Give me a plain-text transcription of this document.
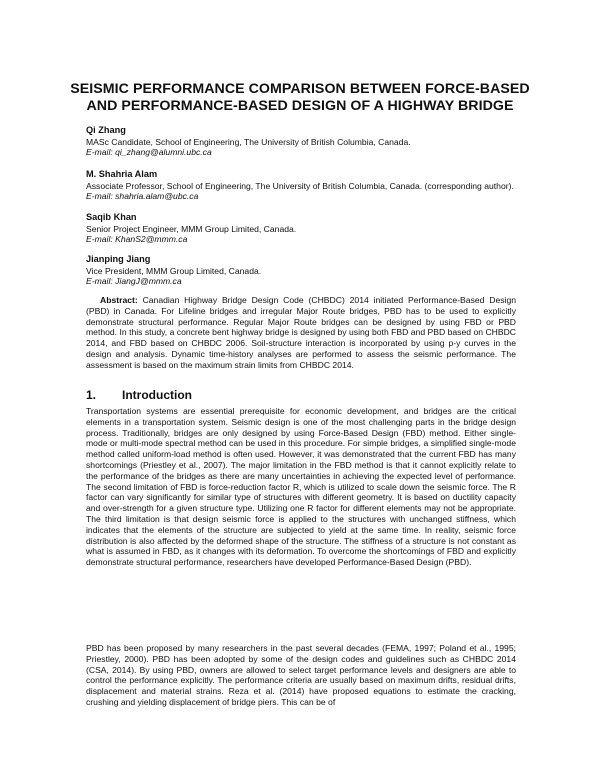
SEISMIC PERFORMANCE COMPARISON BETWEEN FORCE-BASED
AND PERFORMANCE-BASED DESIGN OF A HIGHWAY BRIDGE
Qi Zhang
MASc Candidate, School of Engineering, The University of British Columbia, Canada.
E-mail: qi_zhang@alumni.ubc.ca
M. Shahria Alam
Associate Professor, School of Engineering, The University of British Columbia, Canada. (corresponding author).
E-mail: shahria.alam@ubc.ca
Saqib Khan
Senior Project Engineer, MMM Group Limited, Canada.
E-mail: KhanS2@mmm.ca
Jianping Jiang
Vice President, MMM Group Limited, Canada.
E-mail: JiangJ@mmm.ca
Abstract: Canadian Highway Bridge Design Code (CHBDC) 2014 initiated Performance-Based Design (PBD) in Canada. For Lifeline bridges and irregular Major Route bridges, PBD has to be used to explicitly demonstrate structural performance. Regular Major Route bridges can be designed by using FBD or PBD method. In this study, a concrete bent highway bridge is designed by using both FBD and PBD based on CHBDC 2014, and FBD based on CHBDC 2006. Soil-structure interaction is incorporated by using p-y curves in the design and analysis. Dynamic time-history analyses are performed to assess the seismic performance. The assessment is based on the maximum strain limits from CHBDC 2014.
1. Introduction
Transportation systems are essential prerequisite for economic development, and bridges are the critical elements in a transportation system. Seismic design is one of the most challenging parts in the bridge design process. Traditionally, bridges are only designed by using Force-Based Design (FBD) method. Either single-mode or multi-mode spectral method can be used in this procedure. For simple bridges, a simplified single-mode method called uniform-load method is often used. However, it was demonstrated that the current FBD has many shortcomings (Priestley et al., 2007). The major limitation in the FBD method is that it cannot explicitly relate to the performance of the bridges as there are many uncertainties in achieving the expected level of performance. The second limitation of FBD is force-reduction factor R, which is utilized to scale down the seismic force. The R factor can vary significantly for similar type of structures with different geometry. It is based on ductility capacity and over-strength for a given structure type. Utilizing one R factor for different elements may not be appropriate. The third limitation is that design seismic force is applied to the structures with unchanged stiffness, which indicates that the elements of the structure are subjected to yield at the same time. In reality, seismic force distribution is also affected by the deformed shape of the structure. The stiffness of a structure is not constant as what is assumed in FBD, as it changes with its deformation. To overcome the shortcomings of FBD and explicitly demonstrate structural performance, researchers have developed Performance-Based Design (PBD).
PBD has been proposed by many researchers in the past several decades (FEMA, 1997; Poland et al., 1995; Priestley, 2000). PBD has been adopted by some of the design codes and guidelines such as CHBDC 2014 (CSA, 2014). By using PBD, owners are allowed to select target performance levels and designers are able to control the performance explicitly. The performance criteria are usually based on maximum drifts, residual drifts, displacement and material strains. Reza et al. (2014) have proposed equations to estimate the cracking, crushing and yielding displacement of bridge piers. This can be of
